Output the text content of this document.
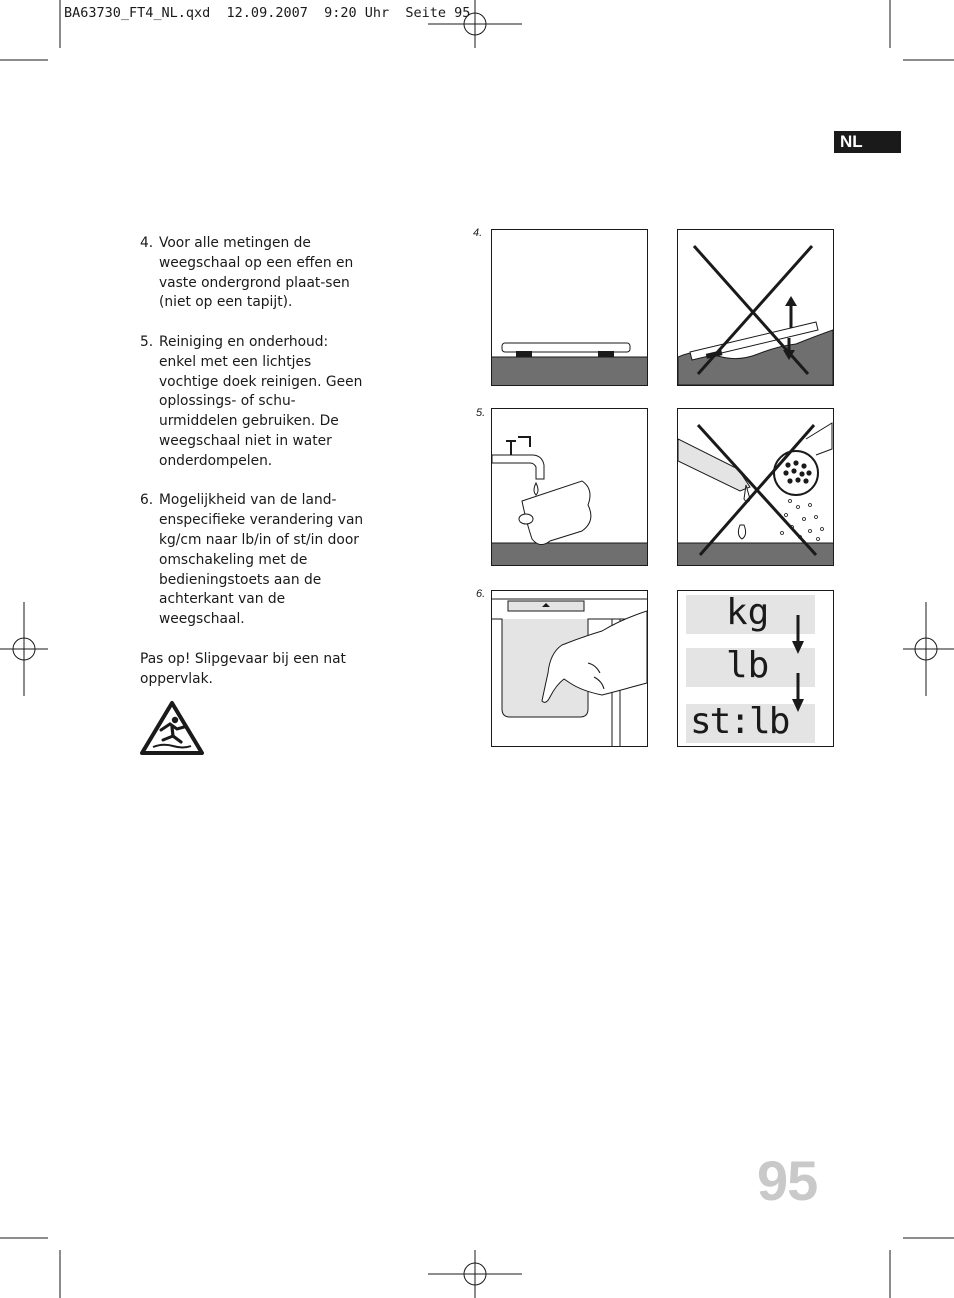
BA63730_FT4_NL.qxd  12.09.2007  9:20 Uhr  Seite 95
NL
4. Voor alle metingen de weegschaal op een effen en vaste ondergrond plaat-sen (niet op een tapijt).
5. Reiniging en onderhoud: enkel met een lichtjes vochtige doek reinigen. Geen oplossings- of schu-urmiddelen gebruiken. De weegschaal niet in water onderdompelen.
6. Mogelijkheid van de land-enspecifieke verandering van kg/cm naar lb/in of st/in door omschakeling met de bedieningstoets aan de achterkant van de weegschaal.
Pas op! Slipgevaar bij een nat oppervlak.
4.
5.
6.	kg
lb
st:lb
95
